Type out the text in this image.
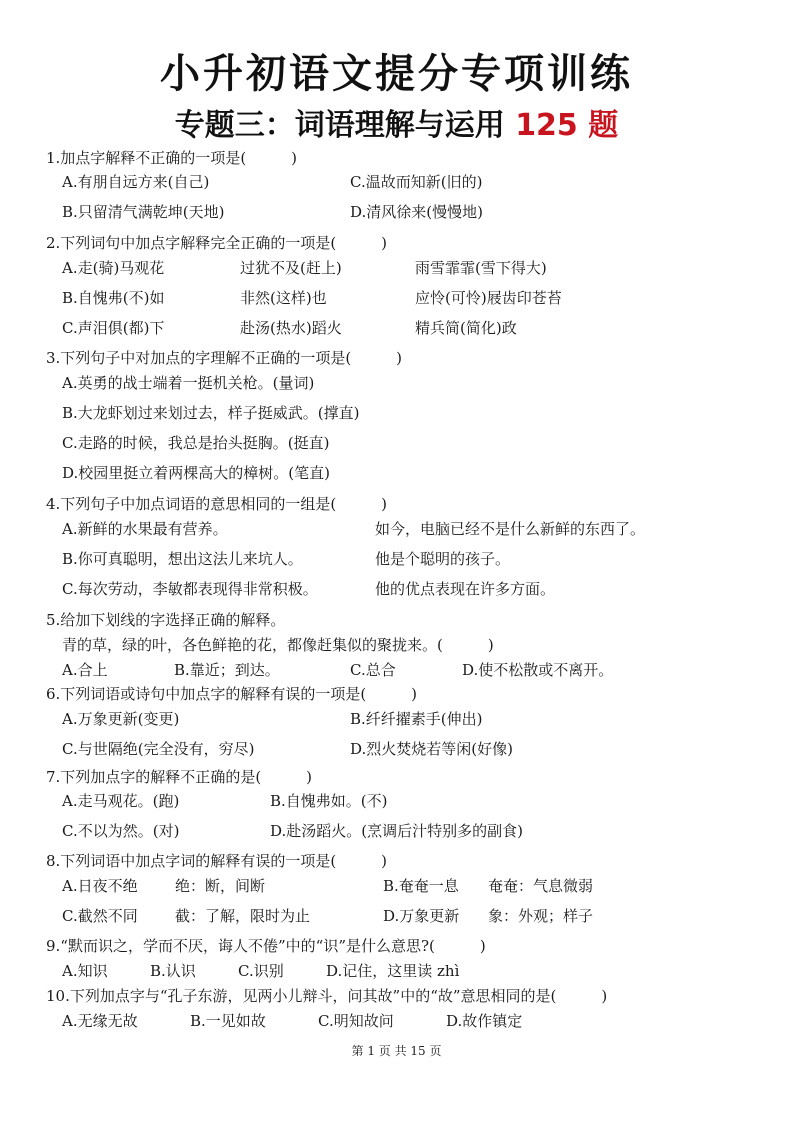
小升初语文提分专项训练
专题三：词语理解与运用 125 题
1.加点字解释不正确的一项是(　　　)
A.有朋自远方来(自己)	C.温故而知新(旧的)
B.只留清气满乾坤(天地)	D.清风徐来(慢慢地)
2.下列词句中加点字解释完全正确的一项是(　　　)
A.走(骑)马观花	过犹不及(赶上)	雨雪霏霏(雪下得大)
B.自愧弗(不)如	非然(这样)也	应怜(可怜)屐齿印苍苔
C.声泪俱(都)下	赴汤(热水)蹈火	精兵简(简化)政
3.下列句子中对加点的字理解不正确的一项是(　　　)
A.英勇的战士端着一挺机关枪。(量词)
B.大龙虾划过来划过去，样子挺威武。(撑直)
C.走路的时候，我总是抬头挺胸。(挺直)
D.校园里挺立着两棵高大的樟树。(笔直)
4.下列句子中加点词语的意思相同的一组是(　　　)
A.新鲜的水果最有营养。	如今，电脑已经不是什么新鲜的东西了。
B.你可真聪明，想出这法儿来坑人。	他是个聪明的孩子。
C.每次劳动，李敏都表现得非常积极。	他的优点表现在许多方面。
5.给加下划线的字选择正确的解释。
青的草，绿的叶，各色鲜艳的花，都像赶集似的聚拢来。(　　　)
A.合上	B.靠近；到达。	C.总合	D.使不松散或不离开。
6.下列词语或诗句中加点字的解释有误的一项是(　　　)
A.万象更新(变更)	B.纤纤擢素手(伸出)
C.与世隔绝(完全没有，穷尽)	D.烈火焚烧若等闲(好像)
7.下列加点字的解释不正确的是(　　　)
A.走马观花。(跑)	B.自愧弗如。(不)
C.不以为然。(对)	D.赴汤蹈火。(烹调后汁特别多的副食)
8.下列词语中加点字词的解释有误的一项是(　　　)
A.日夜不绝 绝：断，间断	B.奄奄一息 奄奄：气息微弱
C.截然不同 截：了解，限时为止	D.万象更新 象：外观；样子
9.“默而识之，学而不厌，诲人不倦”中的“识”是什么意思?(　　　)
A.知识	B.认识	C.识别	D.记住，这里读 zhì
10.下列加点字与“孔子东游，见两小儿辩斗，问其故”中的“故”意思相同的是(　　　)
A.无缘无故	B.一见如故	C.明知故问	D.故作镇定
第 1 页 共 15 页
